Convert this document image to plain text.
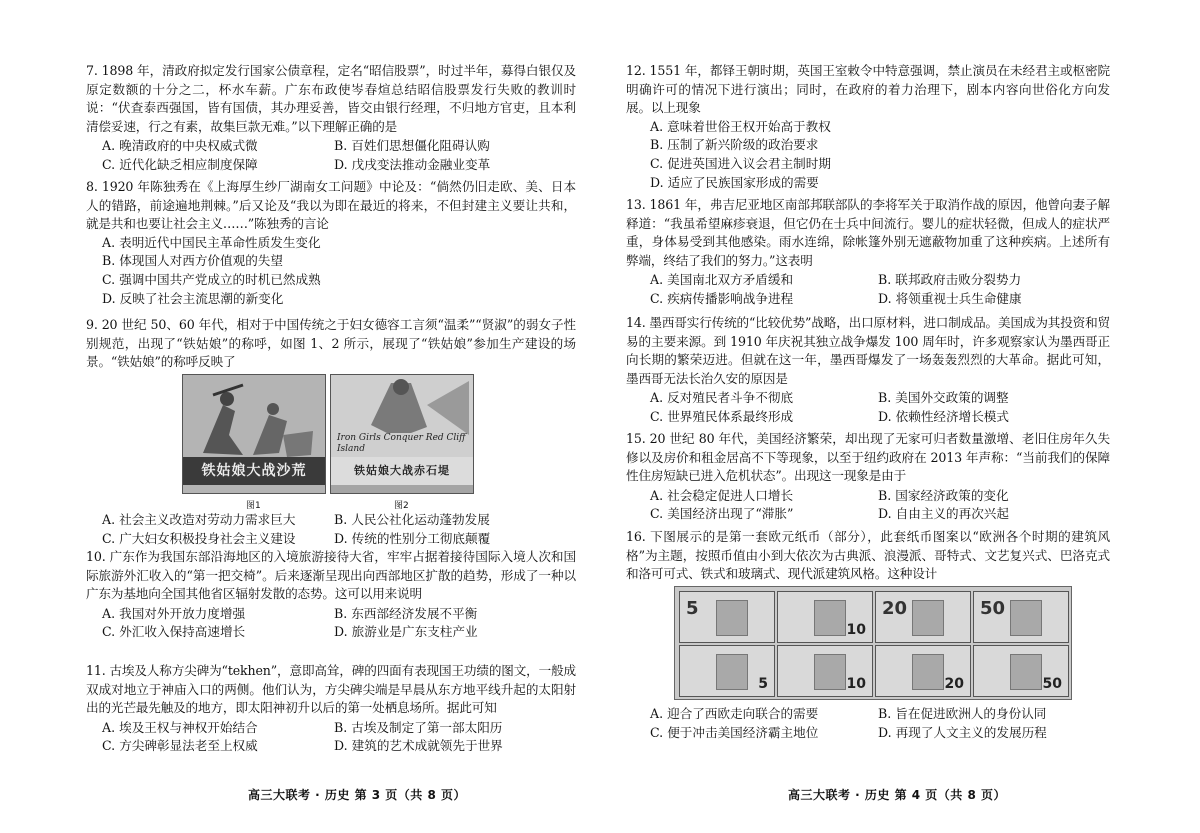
7. 1898 年，清政府拟定发行国家公债章程，定名“昭信股票”，时过半年，募得白银仅及原定数额的十分之二，杯水车薪。广东布政使岑春煊总结昭信股票发行失败的教训时说：“伏查泰西强国，皆有国债，其办理妥善，皆交由银行经理，不归地方官吏，且本利清偿妥速，行之有素，故集巨款无难。”以下理解正确的是

A. 晚清政府的中央权威式微	B. 百姓们思想僵化阻碍认购
C. 近代化缺乏相应制度保障	D. 戊戌变法推动金融业变革

8. 1920 年陈独秀在《上海厚生纱厂湖南女工问题》中论及：“倘然仍旧走欧、美、日本人的错路，前途遍地荆棘。”后又论及“我以为即在最近的将来，不但封建主义要让共和，就是共和也要让社会主义……”陈独秀的言论

A. 表明近代中国民主革命性质发生变化
B. 体现国人对西方价值观的失望
C. 强调中国共产党成立的时机已然成熟
D. 反映了社会主流思潮的新变化

9. 20 世纪 50、60 年代，相对于中国传统之于妇女德容工言须“温柔”“贤淑”的弱女子性别规范，出现了“铁姑娘”的称呼，如图 1、2 所示，展现了“铁姑娘”参加生产建设的场景。“铁姑娘”的称呼反映了

铁姑娘大战沙荒
Iron Girls Conquer Red Cliff Island
铁姑娘大战赤石堤
图1	图2
A. 社会主义改造对劳动力需求巨大	B. 人民公社化运动蓬勃发展
C. 广大妇女积极投身社会主义建设	D. 传统的性别分工彻底颠覆

10. 广东作为我国东部沿海地区的入境旅游接待大省，牢牢占据着接待国际入境人次和国际旅游外汇收入的“第一把交椅”。后来逐渐呈现出向西部地区扩散的趋势，形成了一种以广东为基地向全国其他省区辐射发散的态势。这可以用来说明

A. 我国对外开放力度增强	B. 东西部经济发展不平衡
C. 外汇收入保持高速增长	D. 旅游业是广东支柱产业

11. 古埃及人称方尖碑为“tekhen”，意即高耸，碑的四面有表现国王功绩的图文，一般成双成对地立于神庙入口的两侧。他们认为，方尖碑尖端是早晨从东方地平线升起的太阳射出的光芒最先触及的地方，即太阳神初升以后的第一处栖息场所。据此可知

A. 埃及王权与神权开始结合	B. 古埃及制定了第一部太阳历
C. 方尖碑彰显法老至上权威	D. 建筑的艺术成就领先于世界
高三大联考 · 历史 第 3 页（共 8 页）

12. 1551 年，都铎王朝时期，英国王室敕令中特意强调，禁止演员在未经君主或枢密院明确许可的情况下进行演出；同时，在政府的着力治理下，剧本内容向世俗化方向发展。以上现象

A. 意味着世俗王权开始高于教权
B. 压制了新兴阶级的政治要求
C. 促进英国进入议会君主制时期
D. 适应了民族国家形成的需要

13. 1861 年，弗吉尼亚地区南部邦联部队的李将军关于取消作战的原因，他曾向妻子解释道：“我虽希望麻疹衰退，但它仍在士兵中间流行。婴儿的症状轻微，但成人的症状严重，身体易受到其他感染。雨水连绵，除帐篷外别无遮蔽物加重了这种疾病。上述所有弊端，终结了我们的努力。”这表明

A. 美国南北双方矛盾缓和	B. 联邦政府击败分裂势力
C. 疾病传播影响战争进程	D. 将领重视士兵生命健康

14. 墨西哥实行传统的“比较优势”战略，出口原材料，进口制成品。美国成为其投资和贸易的主要来源。到 1910 年庆祝其独立战争爆发 100 周年时，许多观察家认为墨西哥正向长期的繁荣迈进。但就在这一年，墨西哥爆发了一场轰轰烈烈的大革命。据此可知，墨西哥无法长治久安的原因是

A. 反对殖民者斗争不彻底	B. 美国外交政策的调整
C. 世界殖民体系最终形成	D. 依赖性经济增长模式

15. 20 世纪 80 年代，美国经济繁荣，却出现了无家可归者数量激增、老旧住房年久失修以及房价和租金居高不下等现象，以至于纽约政府在 2013 年声称：“当前我们的保障性住房短缺已进入危机状态”。出现这一现象是由于

A. 社会稳定促进人口增长	B. 国家经济政策的变化
C. 美国经济出现了“滞胀”	D. 自由主义的再次兴起

16. 下图展示的是第一套欧元纸币（部分），此套纸币图案以“欧洲各个时期的建筑风格”为主题，按照币值由小到大依次为古典派、浪漫派、哥特式、文艺复兴式、巴洛克式和洛可可式、铁式和玻璃式、现代派建筑风格。这种设计

5
10
20	50
5	10	20	50
A. 迎合了西欧走向联合的需要	B. 旨在促进欧洲人的身份认同
C. 便于冲击美国经济霸主地位	D. 再现了人文主义的发展历程
高三大联考 · 历史 第 4 页（共 8 页）
